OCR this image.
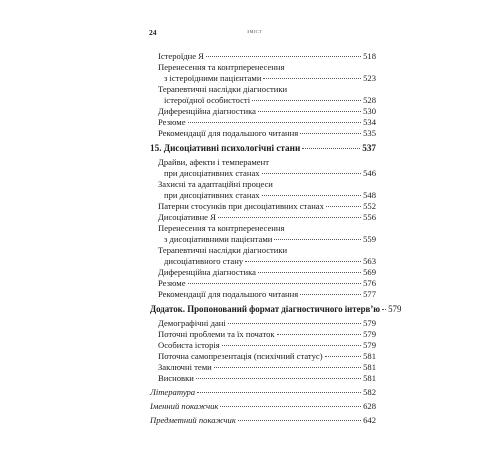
24	ЗМІСТ
Істероїдне Я	518
Перенесення та контрперенесення
з істероїдними пацієнтами	523
Терапевтичні наслідки діагностики
істероїдної особистості	528
Диференційна діагностика	530
Резюме	534
Рекомендації для подальшого читання	535
15. Дисоціативні психологічні стани	537
Драйви, афекти і темперамент
при дисоціативних станах	546
Захисні та адаптаційні процеси
при дисоціативних станах	548
Патерни стосунків при дисоціативних станах	552
Дисоціативне Я	556
Перенесення та контрперенесення
з дисоціативними пацієнтами	559
Терапевтичні наслідки діагностики
дисоціативного стану	563
Диференційна діагностика	569
Резюме	576
Рекомендації для подальшого читання	577
Додаток. Пропонований формат діагностичного інтерв’ю 579
Демографічні дані	579
Поточні проблеми та їх початок	579
Особиста історія	579
Поточна самопрезентація (психічний статус)	581
Заключні теми	581
Висновки	581
Література	582
Іменний покажчик	628
Предметний покажчик	642
